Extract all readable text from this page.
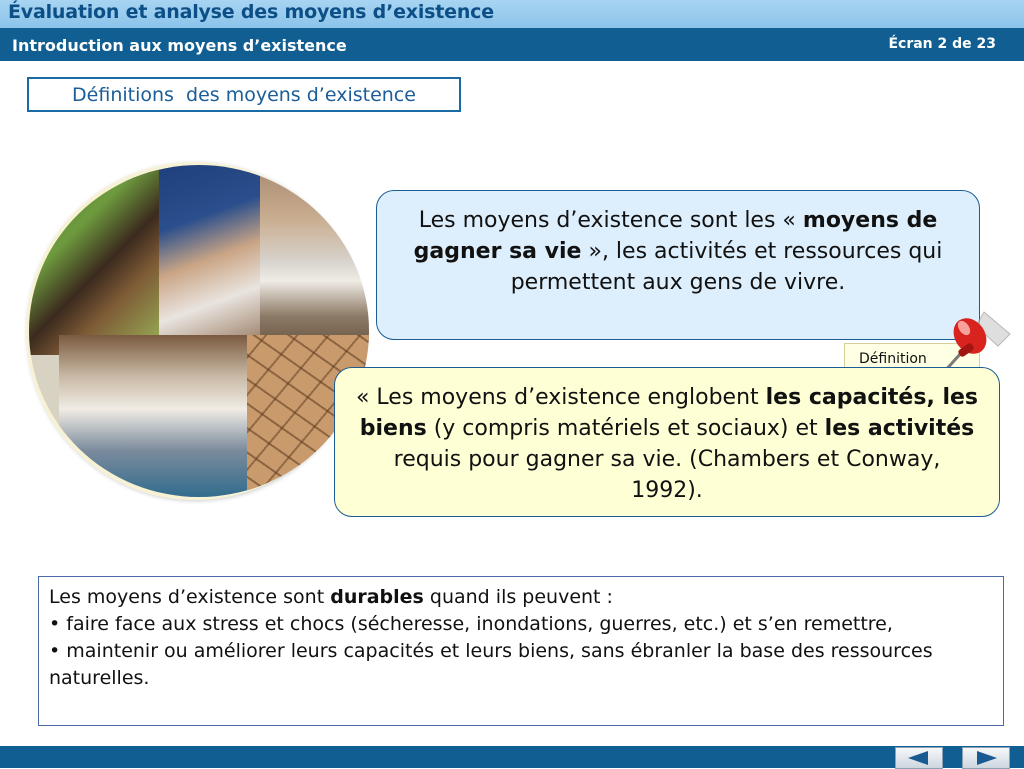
Évaluation et analyse des moyens d’existence
Introduction aux moyens d’existence	Écran 2 de 23
Définitions  des moyens d’existence
Les moyens d’existence sont les « moyens de gagner sa vie », les activités et ressources qui permettent aux gens de vivre.
Définition
« Les moyens d’existence englobent les capacités, les biens (y compris matériels et sociaux) et les activités requis pour gagner sa vie. (Chambers et Conway, 1992).
Les moyens d’existence sont durables quand ils peuvent :
• faire face aux stress et chocs (sécheresse, inondations, guerres, etc.) et s’en remettre,
• maintenir ou améliorer leurs capacités et leurs biens, sans ébranler la base des ressources naturelles.
